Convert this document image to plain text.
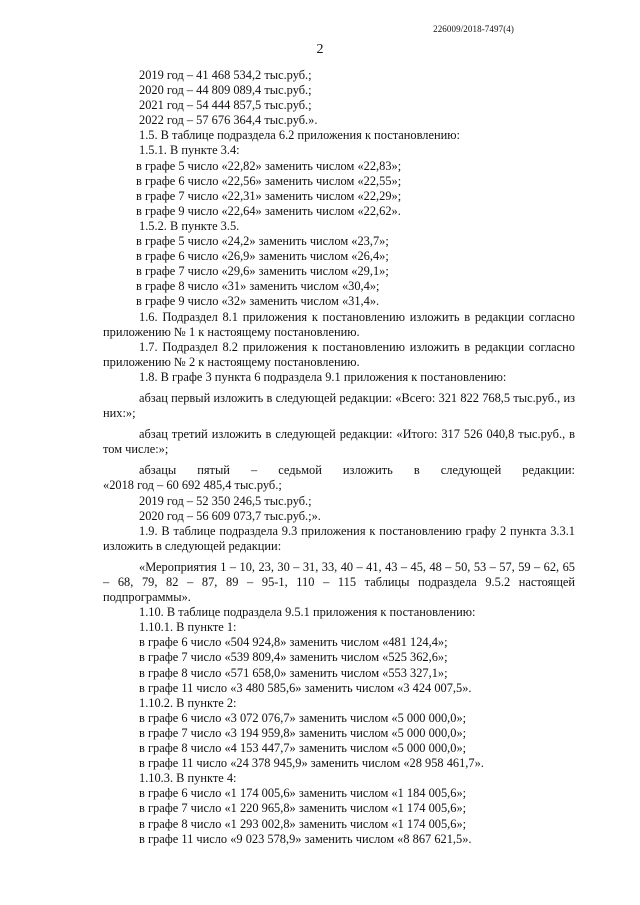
226009/2018-7497(4)
2
2019 год – 41 468 534,2 тыс.руб.;
2020 год – 44 809 089,4 тыс.руб.;
2021 год – 54 444 857,5 тыс.руб.;
2022 год – 57 676 364,4 тыс.руб.».
1.5. В таблице подраздела 6.2 приложения к постановлению:
1.5.1. В пункте 3.4:
в графе 5 число «22,82» заменить числом «22,83»;
в графе 6 число «22,56» заменить числом «22,55»;
в графе 7 число «22,31» заменить числом «22,29»;
в графе 9 число «22,64» заменить числом «22,62».
1.5.2. В пункте 3.5.
в графе 5 число «24,2» заменить числом «23,7»;
в графе 6 число «26,9» заменить числом «26,4»;
в графе 7 число «29,6» заменить числом «29,1»;
в графе 8 число «31» заменить числом «30,4»;
в графе 9 число «32» заменить числом «31,4».
1.6. Подраздел 8.1 приложения к постановлению изложить в редакции согласно приложению № 1 к настоящему постановлению.
1.7. Подраздел 8.2 приложения к постановлению изложить в редакции согласно приложению № 2 к настоящему постановлению.
1.8. В графе 3 пункта 6 подраздела 9.1 приложения к постановлению:
абзац первый изложить в следующей редакции: «Всего: 321 822 768,5 тыс.руб., из них:»;
абзац третий изложить в следующей редакции: «Итого: 317 526 040,8 тыс.руб., в том числе:»;
абзацы пятый – седьмой изложить в следующей редакции:
«2018 год – 60 692 485,4 тыс.руб.;
2019 год – 52 350 246,5 тыс.руб.;
2020 год – 56 609 073,7 тыс.руб.;».
1.9. В таблице подраздела 9.3 приложения к постановлению графу 2 пункта 3.3.1 изложить в следующей редакции:
«Мероприятия 1 – 10, 23, 30 – 31, 33, 40 – 41, 43 – 45, 48 – 50, 53 – 57, 59 – 62, 65 – 68, 79, 82 – 87, 89 – 95-1, 110 – 115 таблицы подраздела 9.5.2 настоящей подпрограммы».
1.10. В таблице подраздела 9.5.1 приложения к постановлению:
1.10.1. В пункте 1:
в графе 6 число «504 924,8» заменить числом «481 124,4»;
в графе 7 число «539 809,4» заменить числом «525 362,6»;
в графе 8 число «571 658,0» заменить числом «553 327,1»;
в графе 11 число «3 480 585,6» заменить числом «3 424 007,5».
1.10.2. В пункте 2:
в графе 6 число «3 072 076,7» заменить числом «5 000 000,0»;
в графе 7 число «3 194 959,8» заменить числом «5 000 000,0»;
в графе 8 число «4 153 447,7» заменить числом «5 000 000,0»;
в графе 11 число «24 378 945,9» заменить числом «28 958 461,7».
1.10.3. В пункте 4:
в графе 6 число «1 174 005,6» заменить числом «1 184 005,6»;
в графе 7 число «1 220 965,8» заменить числом «1 174 005,6»;
в графе 8 число «1 293 002,8» заменить числом «1 174 005,6»;
в графе 11 число «9 023 578,9» заменить числом «8 867 621,5».
